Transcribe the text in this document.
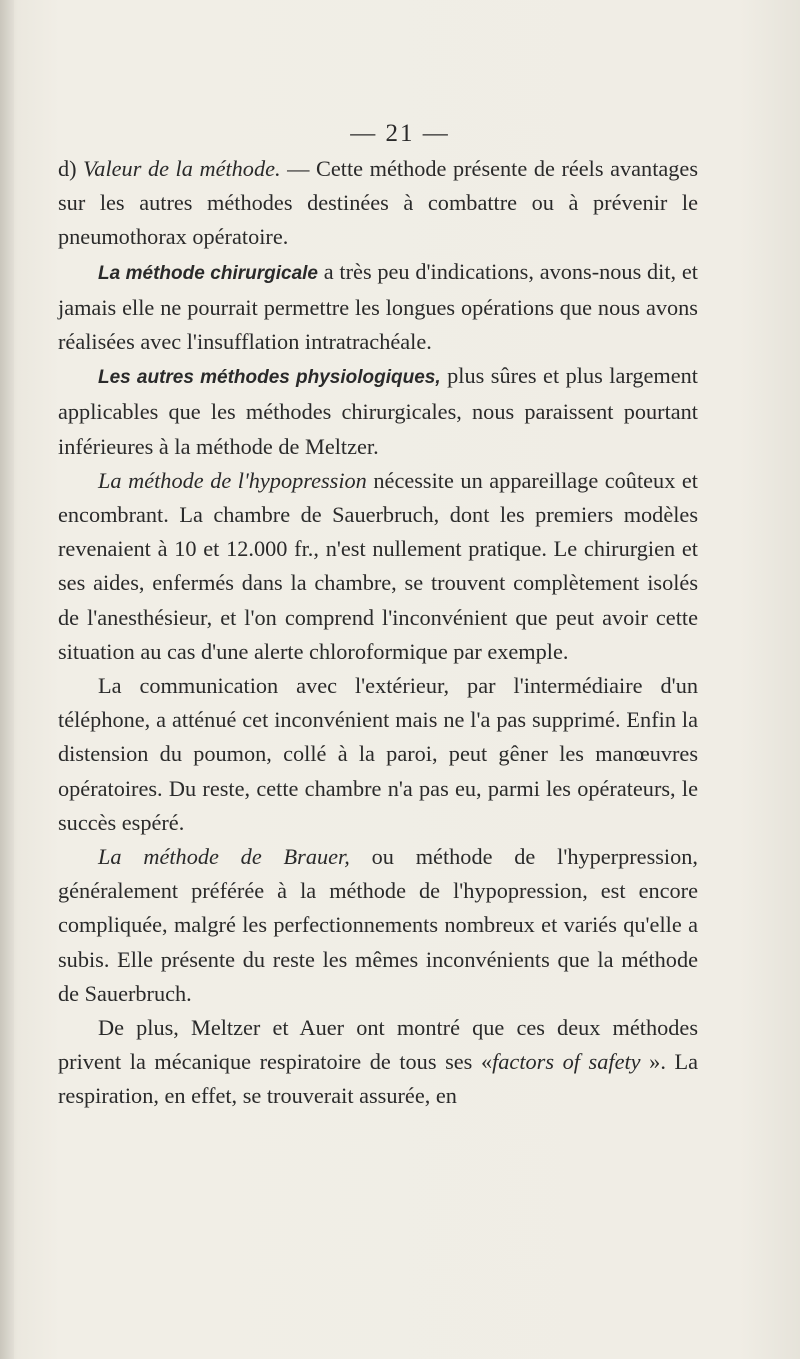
— 21 —

d) Valeur de la méthode. — Cette méthode présente de réels avantages sur les autres méthodes destinées à combattre ou à prévenir le pneumothorax opératoire.

La méthode chirurgicale a très peu d'indications, avons-nous dit, et jamais elle ne pourrait permettre les longues opérations que nous avons réalisées avec l'insufflation intratrachéale.

Les autres méthodes physiologiques, plus sûres et plus largement applicables que les méthodes chirurgicales, nous paraissent pourtant inférieures à la méthode de Meltzer.

La méthode de l'hypopression nécessite un appareillage coûteux et encombrant. La chambre de Sauerbruch, dont les premiers modèles revenaient à 10 et 12.000 fr., n'est nullement pratique. Le chirurgien et ses aides, enfermés dans la chambre, se trouvent complètement isolés de l'anesthésieur, et l'on comprend l'inconvénient que peut avoir cette situation au cas d'une alerte chloroformique par exemple.

La communication avec l'extérieur, par l'intermédiaire d'un téléphone, a atténué cet inconvénient mais ne l'a pas supprimé. Enfin la distension du poumon, collé à la paroi, peut gêner les manœuvres opératoires. Du reste, cette chambre n'a pas eu, parmi les opérateurs, le succès espéré.

La méthode de Brauer, ou méthode de l'hyperpression, généralement préférée à la méthode de l'hypopression, est encore compliquée, malgré les perfectionnements nombreux et variés qu'elle a subis. Elle présente du reste les mêmes inconvénients que la méthode de Sauerbruch.

De plus, Meltzer et Auer ont montré que ces deux méthodes privent la mécanique respiratoire de tous ses «factors of safety ». La respiration, en effet, se trouverait assurée, en
